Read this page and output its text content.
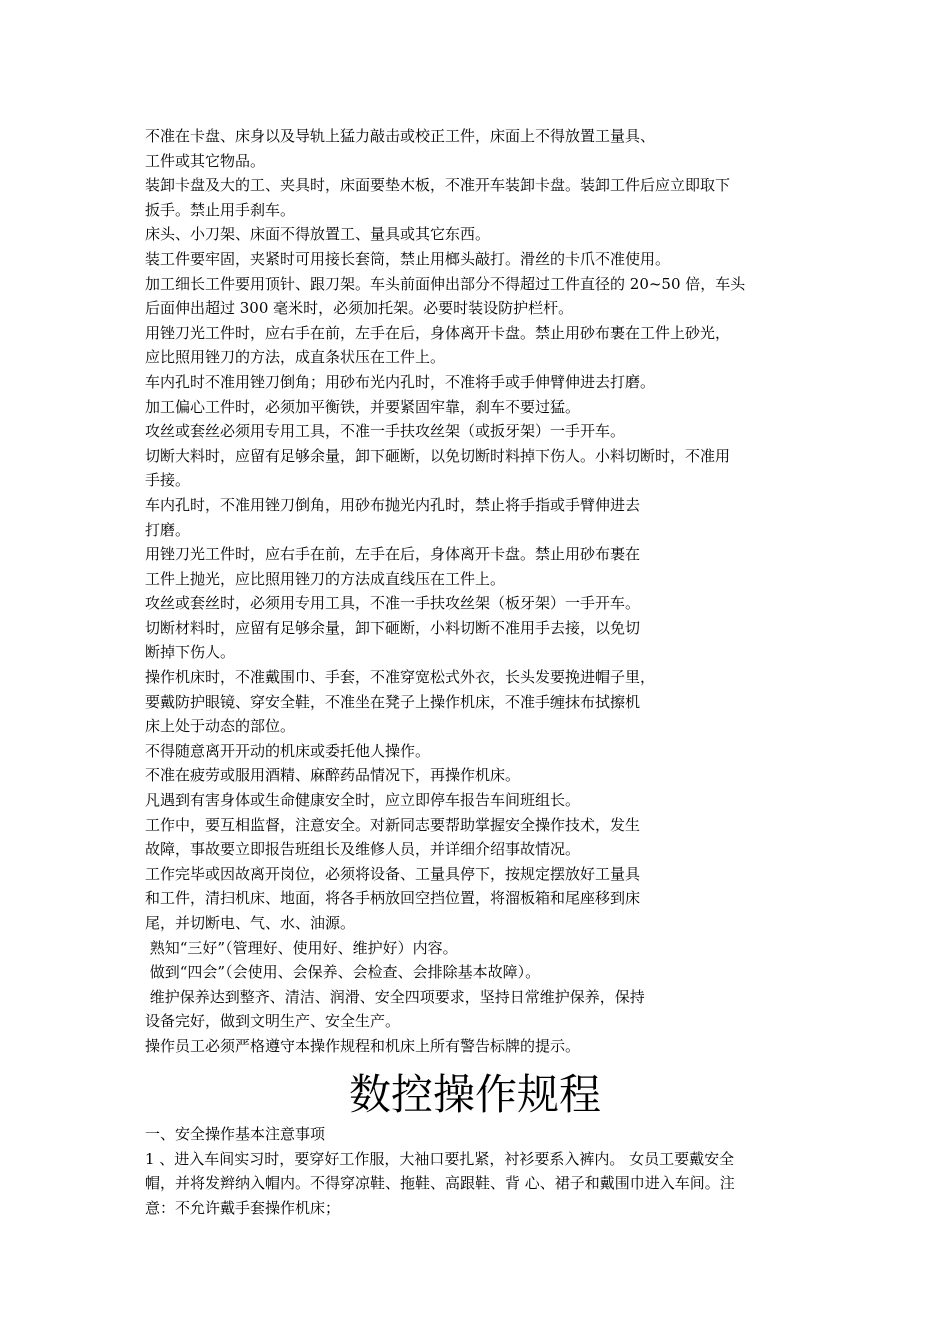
不准在卡盘、床身以及导轨上猛力敲击或校正工件，床面上不得放置工量具、
工件或其它物品。
装卸卡盘及大的工、夹具时，床面要垫木板，不准开车装卸卡盘。装卸工件后应立即取下
扳手。禁止用手刹车。
床头、小刀架、床面不得放置工、量具或其它东西。
装工件要牢固，夹紧时可用接长套筒，禁止用榔头敲打。滑丝的卡爪不准使用。
加工细长工件要用顶针、跟刀架。车头前面伸出部分不得超过工件直径的 20~50 倍，车头
后面伸出超过 300 毫米时，必须加托架。必要时装设防护栏杆。
用锉刀光工件时，应右手在前，左手在后，身体离开卡盘。禁止用砂布裹在工件上砂光，
应比照用锉刀的方法，成直条状压在工件上。
车内孔时不准用锉刀倒角；用砂布光内孔时，不准将手或手伸臂伸进去打磨。
加工偏心工件时，必须加平衡铁，并要紧固牢靠，刹车不要过猛。
攻丝或套丝必须用专用工具，不准一手扶攻丝架（或扳牙架）一手开车。
切断大料时，应留有足够余量，卸下砸断，以免切断时料掉下伤人。小料切断时，不准用
手接。
车内孔时，不准用锉刀倒角，用砂布抛光内孔时，禁止将手指或手臂伸进去
打磨。
用锉刀光工件时，应右手在前，左手在后，身体离开卡盘。禁止用砂布裹在
工件上抛光，应比照用锉刀的方法成直线压在工件上。
攻丝或套丝时，必须用专用工具，不准一手扶攻丝架（板牙架）一手开车。
切断材料时，应留有足够余量，卸下砸断，小料切断不准用手去接，以免切
断掉下伤人。
操作机床时，不准戴围巾、手套，不准穿宽松式外衣，长头发要挽进帽子里，
要戴防护眼镜、穿安全鞋，不准坐在凳子上操作机床，不准手缠抹布拭擦机
床上处于动态的部位。
不得随意离开开动的机床或委托他人操作。
不准在疲劳或服用酒精、麻醉药品情况下，再操作机床。
凡遇到有害身体或生命健康安全时，应立即停车报告车间班组长。
工作中，要互相监督，注意安全。对新同志要帮助掌握安全操作技术，发生
故障，事故要立即报告班组长及维修人员，并详细介绍事故情况。
工作完毕或因故离开岗位，必须将设备、工量具停下，按规定摆放好工量具
和工件，清扫机床、地面，将各手柄放回空挡位置，将溜板箱和尾座移到床
尾，并切断电、气、水、油源。
熟知“三好”（管理好、使用好、维护好）内容。
做到“四会”（会使用、会保养、会检查、会排除基本故障）。
维护保养达到整齐、清洁、润滑、安全四项要求，坚持日常维护保养，保持
设备完好，做到文明生产、安全生产。
操作员工必须严格遵守本操作规程和机床上所有警告标牌的提示。
数控操作规程
一、安全操作基本注意事项
1 、进入车间实习时，要穿好工作服，大袖口要扎紧，衬衫要系入裤内。 女员工要戴安全
帽，并将发辫纳入帽内。不得穿凉鞋、拖鞋、高跟鞋、背 心、裙子和戴围巾进入车间。注
意：不允许戴手套操作机床；
